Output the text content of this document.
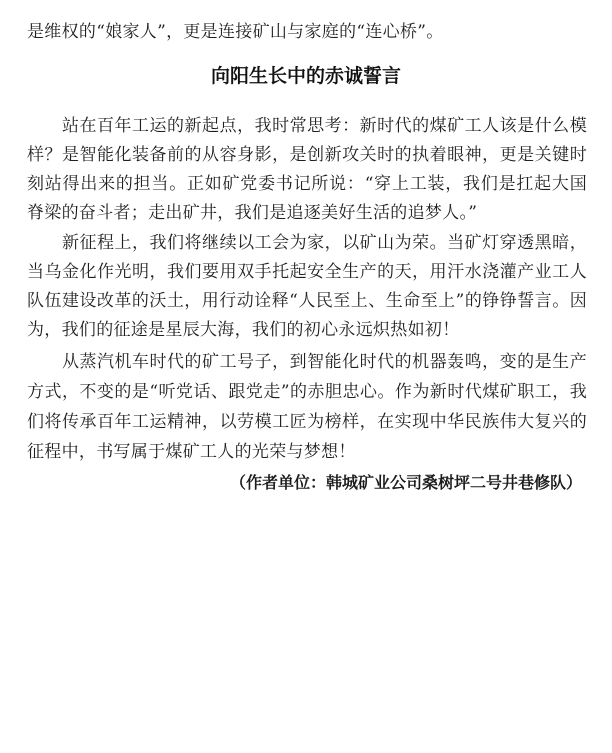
是维权的“娘家人”，更是连接矿山与家庭的“连心桥”。
向阳生长中的赤诚誓言
　　站在百年工运的新起点，我时常思考：新时代的煤矿工人该是什么模
样？是智能化装备前的从容身影，是创新攻关时的执着眼神，更是关键时
刻站得出来的担当。正如矿党委书记所说：“穿上工装，我们是扛起大国
脊梁的奋斗者；走出矿井，我们是追逐美好生活的追梦人。”
　　新征程上，我们将继续以工会为家，以矿山为荣。当矿灯穿透黑暗，
当乌金化作光明，我们要用双手托起安全生产的天，用汗水浇灌产业工人
队伍建设改革的沃土，用行动诠释“人民至上、生命至上”的铮铮誓言。因
为，我们的征途是星辰大海，我们的初心永远炽热如初！
　　从蒸汽机车时代的矿工号子，到智能化时代的机器轰鸣，变的是生产
方式，不变的是“听党话、跟党走”的赤胆忠心。作为新时代煤矿职工，我
们将传承百年工运精神，以劳模工匠为榜样，在实现中华民族伟大复兴的
征程中，书写属于煤矿工人的光荣与梦想！
（作者单位：韩城矿业公司桑树坪二号井巷修队）
